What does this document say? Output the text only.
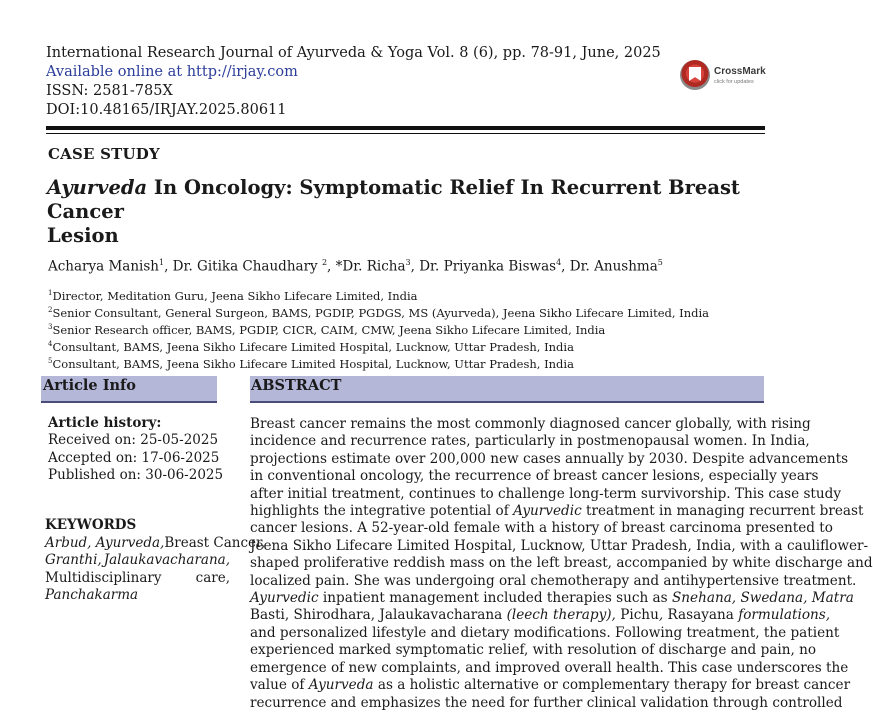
International Research Journal of Ayurveda & Yoga Vol. 8 (6), pp. 78-91, June, 2025
Available online at http://irjay.com
ISSN: 2581-785X
DOI:10.48165/IRJAY.2025.80611
CrossMark
click for updates
CASE STUDY
Ayurveda In Oncology: Symptomatic Relief In Recurrent Breast Cancer
Lesion
Acharya Manish$^1$, Dr. Gitika Chaudhary $^2$, *Dr. Richa$^3$, Dr. Priyanka Biswas$^4$, Dr. Anushma$^5$
$^1$Director, Meditation Guru, Jeena Sikho Lifecare Limited, India
$^2$Senior Consultant, General Surgeon, BAMS, PGDIP, PGDGS, MS (Ayurveda), Jeena Sikho Lifecare Limited, India
$^3$Senior Research officer, BAMS, PGDIP, CICR, CAIM, CMW, Jeena Sikho Lifecare Limited, India
$^4$Consultant, BAMS, Jeena Sikho Lifecare Limited Hospital, Lucknow, Uttar Pradesh, India
$^5$Consultant, BAMS, Jeena Sikho Lifecare Limited Hospital, Lucknow, Uttar Pradesh, India
Article Info
Article history:
Received on: 25-05-2025
Accepted on: 17-06-2025
Published on: 30-06-2025
KEYWORDS
Arbud, Ayurveda, Breast Cancer,
Granthi, Jalaukavacharana,
Multidisciplinary	care,
Panchakarma
ABSTRACT
Breast cancer remains the most commonly diagnosed cancer globally, with rising
incidence and recurrence rates, particularly in postmenopausal women. In India,
projections estimate over 200,000 new cases annually by 2030. Despite advancements
in conventional oncology, the recurrence of breast cancer lesions, especially years
after initial treatment, continues to challenge long-term survivorship. This case study
highlights the integrative potential of Ayurvedic treatment in managing recurrent breast
cancer lesions. A 52-year-old female with a history of breast carcinoma presented to
Jeena Sikho Lifecare Limited Hospital, Lucknow, Uttar Pradesh, India, with a cauliflower-
shaped proliferative reddish mass on the left breast, accompanied by white discharge and
localized pain. She was undergoing oral chemotherapy and antihypertensive treatment.
Ayurvedic inpatient management included therapies such as Snehana, Swedana, Matra
Basti, Shirodhara, Jalaukavacharana (leech therapy), Pichu, Rasayana formulations,
and personalized lifestyle and dietary modifications. Following treatment, the patient
experienced marked symptomatic relief, with resolution of discharge and pain, no
emergence of new complaints, and improved overall health. This case underscores the
value of Ayurveda as a holistic alternative or complementary therapy for breast cancer
recurrence and emphasizes the need for further clinical validation through controlled
